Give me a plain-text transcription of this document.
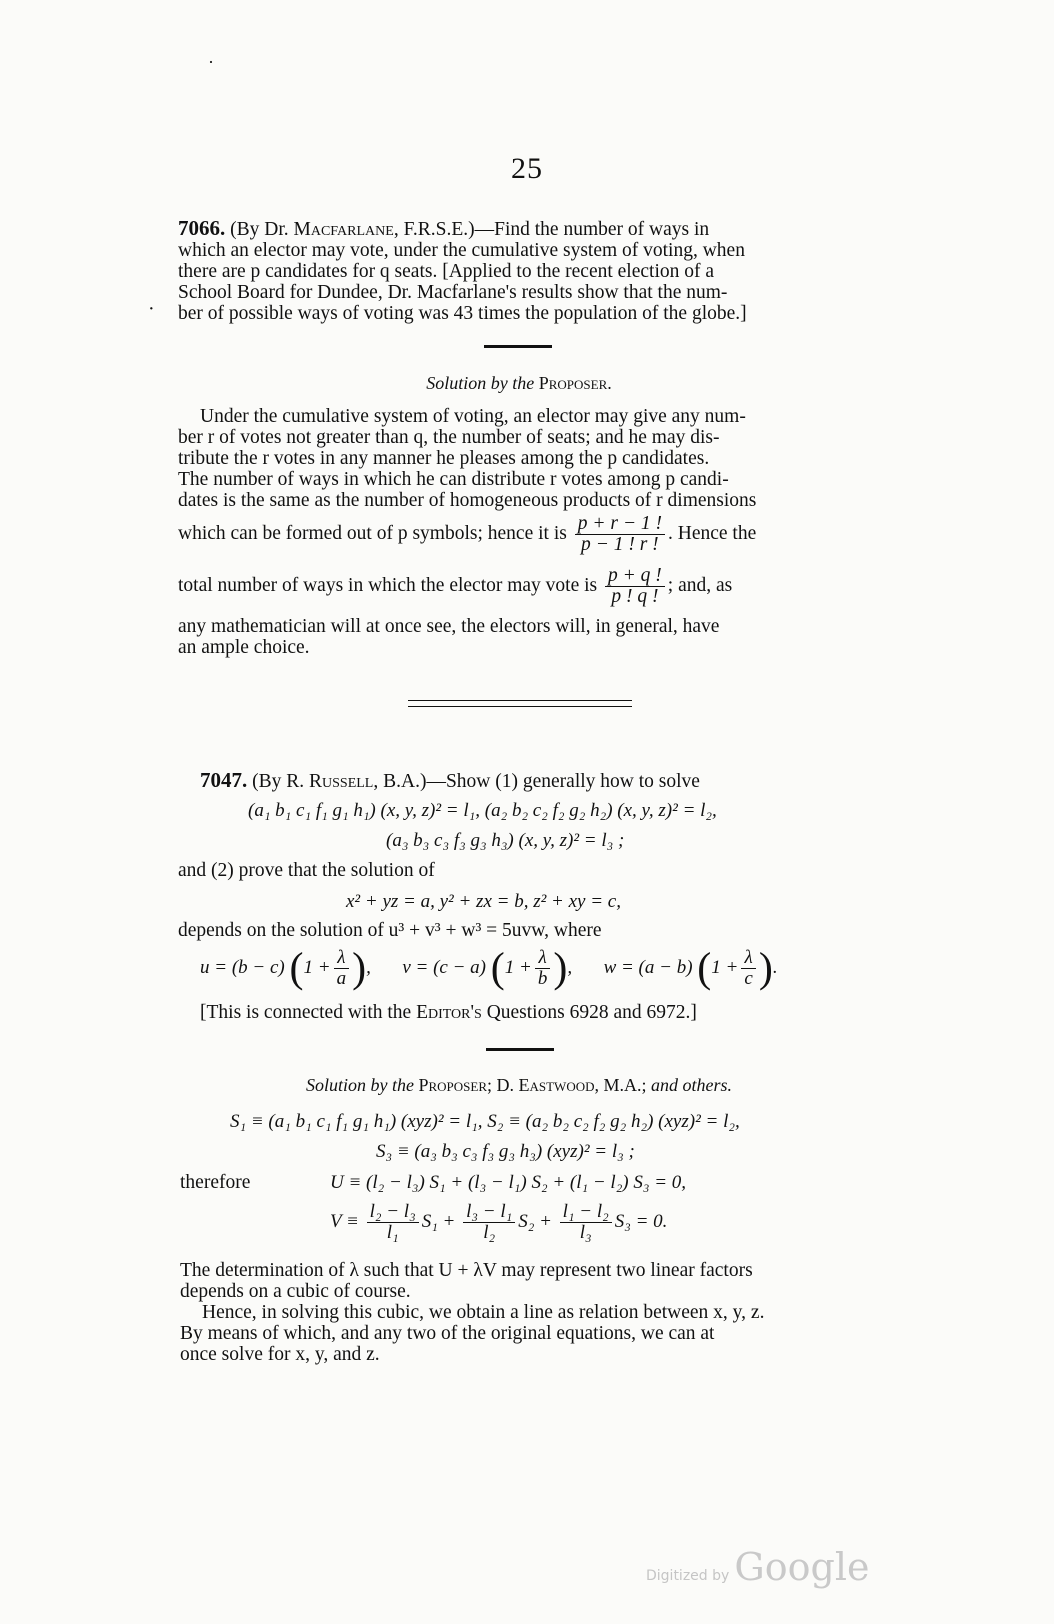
·
·
25
7066. (By Dr. Macfarlane, F.R.S.E.)—Find the number of ways in
which an elector may vote, under the cumulative system of voting, when
there are p candidates for q seats. [Applied to the recent election of a
School Board for Dundee, Dr. Macfarlane's results show that the num-
ber of possible ways of voting was 43 times the population of the globe.]
Solution by the Proposer.
Under the cumulative system of voting, an elector may give any num-
ber r of votes not greater than q, the number of seats; and he may dis-
tribute the r votes in any manner he pleases among the p candidates.
The number of ways in which he can distribute r votes among p candi-
dates is the same as the number of homogeneous products of r dimensions
which can be formed out of p symbols; hence it is $\frac{p + r - 1 !}{p - 1 ! r !}$ . Hence the
total number of ways in which the elector may vote is $\frac{p + q !}{p ! q !}$ ; and, as
any mathematician will at once see, the electors will, in general, have
an ample choice.
7047. (By R. Russell, B.A.)—Show (1) generally how to solve
(a₁ b₁ c₁ f₁ g₁ h₁) (x, y, z)² = l₁, (a₂ b₂ c₂ f₂ g₂ h₂) (x, y, z)² = l₂,
(a₃ b₃ c₃ f₃ g₃ h₃) (x, y, z)² = l₃ ;
and (2) prove that the solution of
x² + yz = a, y² + zx = b, z² + xy = c,
depends on the solution of u³ + v³ + w³ = 5uvw, where
u = (b − c) ($1 + \frac{\lambda}{a}$ ),  v = (c − a) ($1 + \frac{\lambda}{b}$ ),  w = (a − b) ($1 + \frac{\lambda}{c}$ ).
[This is connected with the Editor's Questions 6928 and 6972.]
Solution by the Proposer; D. Eastwood, M.A.; and others.
S₁ ≡ (a₁ b₁ c₁ f₁ g₁ h₁) (xyz)² = l₁, S₂ ≡ (a₂ b₂ c₂ f₂ g₂ h₂) (xyz)² = l₂,
S₃ ≡ (a₃ b₃ c₃ f₃ g₃ h₃) (xyz)² = l₃ ;
therefore	U ≡ (l₂ − l₃) S₁ + (l₃ − l₁) S₂ + (l₁ − l₂) S₃ = 0,
$V \equiv \frac{\text{l₂ − l₃}}{\text{l₁}} S_1 + \frac{\text{l₃ − l₁}}{\text{l₂}} S_2 + \frac{\text{l₁ − l₂}}{\text{l₃}} S_3 = 0$.
The determination of λ such that U + λV may represent two linear factors
depends on a cubic of course.
Hence, in solving this cubic, we obtain a line as relation between x, y, z.
By means of which, and any two of the original equations, we can at
once solve for x, y, and z.
Digitized by Google
